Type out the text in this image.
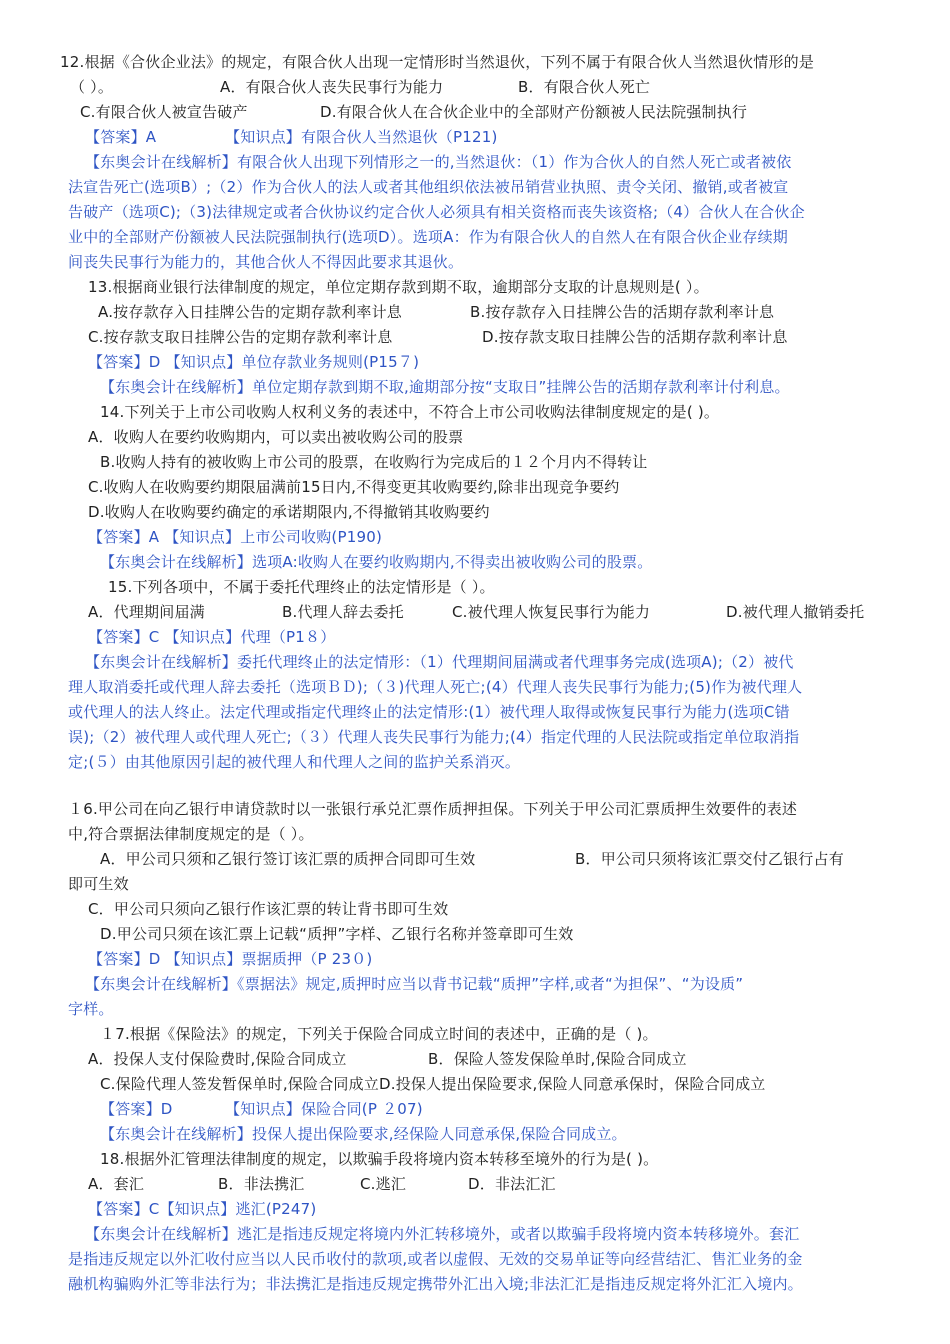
12.根据《合伙企业法》的规定，有限合伙人出现一定情形时当然退伙，下列不属于有限合伙人当然退伙情形的是
（ ）。	A．有限合伙人丧失民事行为能力	B．有限合伙人死亡
C.有限合伙人被宣告破产	D.有限合伙人在合伙企业中的全部财产份额被人民法院强制执行
【答案】A	【知识点】有限合伙人当然退伙（P121)
【东奥会计在线解析】有限合伙人出现下列情形之一的,当然退伙：（1）作为合伙人的自然人死亡或者被依
法宣告死亡(选项B）;（2）作为合伙人的法人或者其他组织依法被吊销营业执照、责令关闭、撤销,或者被宣
告破产（选项C);（3)法律规定或者合伙协议约定合伙人必须具有相关资格而丧失该资格;（4）合伙人在合伙企
业中的全部财产份额被人民法院强制执行(选项D）。选项A：作为有限合伙人的自然人在有限合伙企业存续期
间丧失民事行为能力的，其他合伙人不得因此要求其退伙。
13.根据商业银行法律制度的规定，单位定期存款到期不取，逾期部分支取的计息规则是( ）。
A.按存款存入日挂牌公告的定期存款利率计息	B.按存款存入日挂牌公告的活期存款利率计息
C.按存款支取日挂牌公告的定期存款利率计息	D.按存款支取日挂牌公告的活期存款利率计息
【答案】D 【知识点】单位存款业务规则(P15７)
【东奥会计在线解析】单位定期存款到期不取,逾期部分按“支取日”挂牌公告的活期存款利率计付利息。
14.下列关于上市公司收购人权利义务的表述中，不符合上市公司收购法律制度规定的是( )。
A．收购人在要约收购期内，可以卖出被收购公司的股票
B.收购人持有的被收购上市公司的股票，在收购行为完成后的１２个月内不得转让
C.收购人在收购要约期限届满前15日内,不得变更其收购要约,除非出现竞争要约
D.收购人在收购要约确定的承诺期限内,不得撤销其收购要约
【答案】A 【知识点】上市公司收购(P190)
【东奥会计在线解析】选项A:收购人在要约收购期内,不得卖出被收购公司的股票。
15.下列各项中，不属于委托代理终止的法定情形是（ ）。
A．代理期间届满	B.代理人辞去委托	C.被代理人恢复民事行为能力	D.被代理人撤销委托
【答案】C 【知识点】代理（P1８）
【东奥会计在线解析】委托代理终止的法定情形：（1）代理期间届满或者代理事务完成(选项A);（2）被代
理人取消委托或代理人辞去委托（选项ＢＤ);（３)代理人死亡;(4）代理人丧失民事行为能力;(5)作为被代理人
或代理人的法人终止。法定代理或指定代理终止的法定情形:(1）被代理人取得或恢复民事行为能力(选项C错
误);（2）被代理人或代理人死亡;（３）代理人丧失民事行为能力;(4）指定代理的人民法院或指定单位取消指
定;(５）由其他原因引起的被代理人和代理人之间的监护关系消灭。
１6.甲公司在向乙银行申请贷款时以一张银行承兑汇票作质押担保。下列关于甲公司汇票质押生效要件的表述
中,符合票据法律制度规定的是（ ）。
A．甲公司只须和乙银行签订该汇票的质押合同即可生效	B．甲公司只须将该汇票交付乙银行占有
即可生效
C．甲公司只须向乙银行作该汇票的转让背书即可生效
D.甲公司只须在该汇票上记载“质押”字样、乙银行名称并签章即可生效
【答案】D 【知识点】票据质押（P 23０)
【东奥会计在线解析】《票据法》规定,质押时应当以背书记载“质押”字样,或者“为担保”、“为设质”
字样。
１7.根据《保险法》的规定，下列关于保险合同成立时间的表述中，正确的是（ )。
A．投保人支付保险费时,保险合同成立	B．保险人签发保险单时,保险合同成立
C.保险代理人签发暂保单时,保险合同成立D.投保人提出保险要求,保险人同意承保时，保险合同成立
【答案】D	【知识点】保险合同(P ２07)
【东奥会计在线解析】投保人提出保险要求,经保险人同意承保,保险合同成立。
18.根据外汇管理法律制度的规定，以欺骗手段将境内资本转移至境外的行为是( )。
A．套汇	B．非法携汇	C.逃汇	D．非法汇汇
【答案】C【知识点】逃汇(P247)
【东奥会计在线解析】逃汇是指违反规定将境内外汇转移境外，或者以欺骗手段将境内资本转移境外。套汇
是指违反规定以外汇收付应当以人民币收付的款项,或者以虚假、无效的交易单证等向经营结汇、售汇业务的金
融机构骗购外汇等非法行为；非法携汇是指违反规定携带外汇出入境;非法汇汇是指违反规定将外汇汇入境内。
